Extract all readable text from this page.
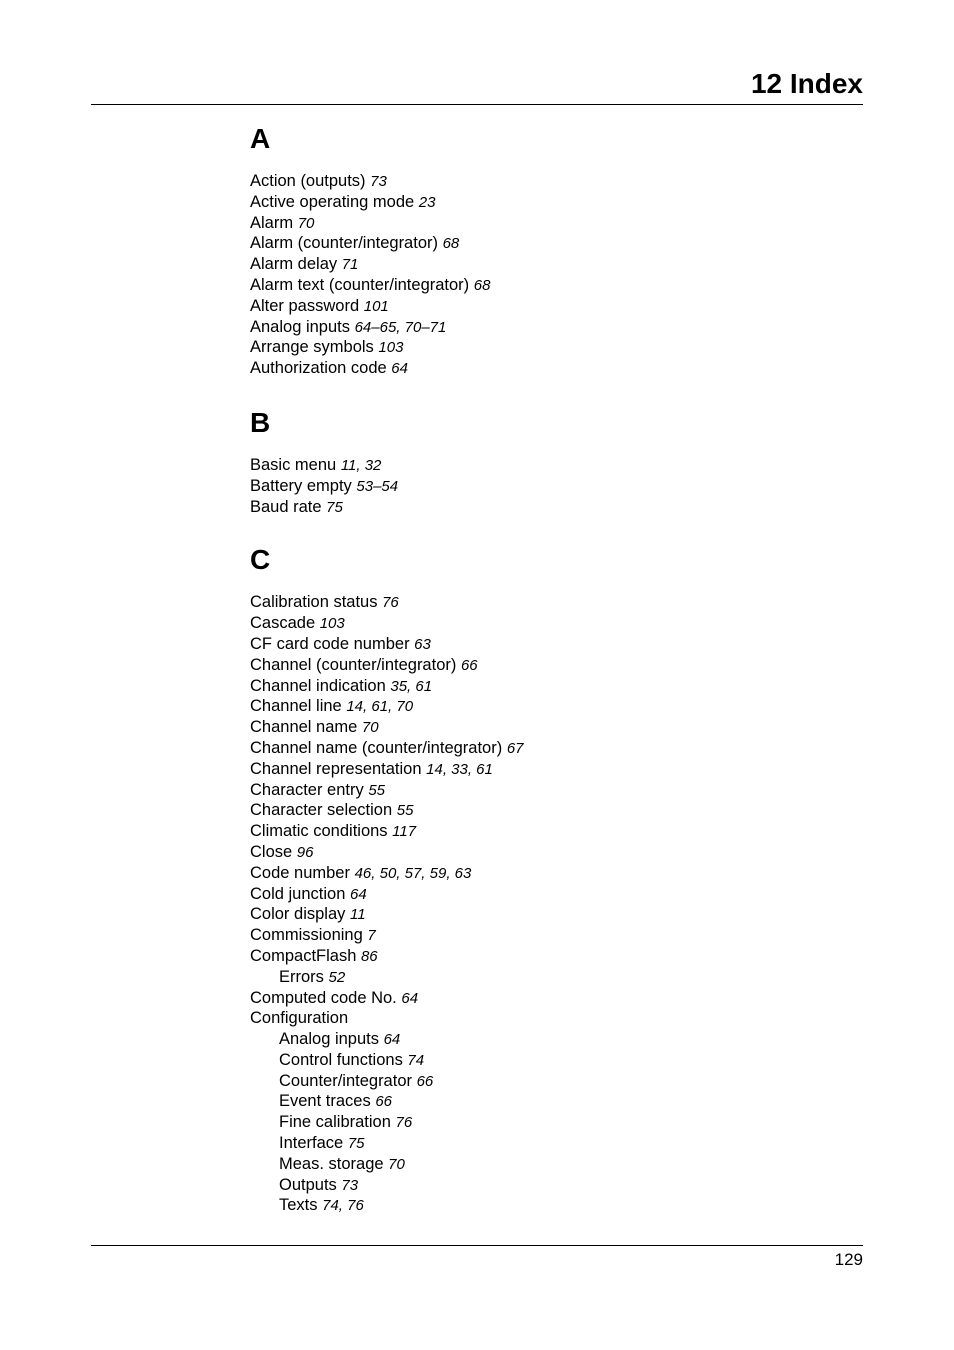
12 Index
A
Action (outputs) 73
Active operating mode 23
Alarm 70
Alarm (counter/integrator) 68
Alarm delay 71
Alarm text (counter/integrator) 68
Alter password 101
Analog inputs 64–65, 70–71
Arrange symbols 103
Authorization code 64
B
Basic menu 11, 32
Battery empty 53–54
Baud rate 75
C
Calibration status 76
Cascade 103
CF card code number 63
Channel (counter/integrator) 66
Channel indication 35, 61
Channel line 14, 61, 70
Channel name 70
Channel name (counter/integrator) 67
Channel representation 14, 33, 61
Character entry 55
Character selection 55
Climatic conditions 117
Close 96
Code number 46, 50, 57, 59, 63
Cold junction 64
Color display 11
Commissioning 7
CompactFlash 86
Errors 52
Computed code No. 64
Configuration
Analog inputs 64
Control functions 74
Counter/integrator 66
Event traces 66
Fine calibration 76
Interface 75
Meas. storage 70
Outputs 73
Texts 74, 76

129
